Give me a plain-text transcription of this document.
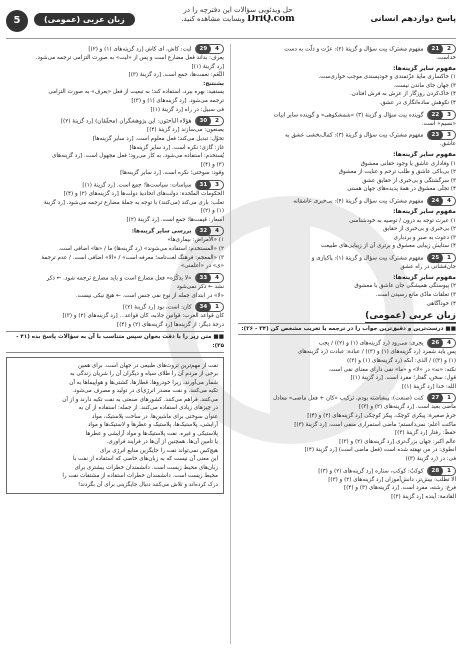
5	زبان عربی (عمومی)
حل ویدئویی سؤالات این دفترچه را در
DriQ.com وبسایت مشاهده کنید.	پاسخ دوازدهم انسانی
21	2
مفهوم مشترک بیت سؤال و گزینهٔ (۲): عزّت و ذلّت به دست
خداست.
مفهوم سایر گزینه‌ها:
۱) خاکساری مایهٔ عزّتمندی و خودپسندی موجب خواری‌ست.
۳) جهان جای ماندن نیست.
۴) خاک‌کردن روزگار از عرش به فرش افتادن.
۴) نکوهش ساده‌انگاری در عشق.
22	3
گوینده بیت سؤال و گزینهٔ (۳) «شمشکوهی» و گوینده سایر ابیات
«نسیم» است.
23	3
مفهوم مشترک بیت سؤال و گزینهٔ (۳): کمال‌بخشی عشق به
عاشق.
مفهوم سایر گزینه‌ها:
۱) وفاداری عاشق یا وجود حقانی معشوق
۲) بی‌باکی عاشق و طلب ترحم و عنایت از معشوق
۳) سرگشتگی و بی‌خبری از حقایق عشق
۴) تجلّی معشوق در همهٔ پدیده‌های جهان هستی
24	4
مفهوم مشترک بیت سؤال و گزینهٔ (۴): بی‌خبری عاشقانه
مفهوم سایر گزینه‌ها:
۱) عبرت توجه به درون / توصیه به خودشناسی
۲) بی‌خبری و بی‌خبری از حقایق
۳) دعوت به صبر و بردباری
۴) ستایش زیبایی معشوق و برتری آن از زیبایی‌های طبیعت
25	1
مفهوم مشترک بیت سؤال و گزینهٔ (۱): پاکبازی و
جان‌فشانی در راه عشق
مفهوم سایر گزینه‌ها:
۲) پیوستگی همیشگی جان عاشق با معشوق
۳) تعلقات مادّی مانع رسیدن است.
۴) خودآگاهی
زبان عربی (عمومی)
■■ درست‌ترین و دقیق‌ترین جواب را در ترجمه یا تعریب مشخص کن (۳۴ - ۲۶):
26	4
یجری: می‌رود (رد گزینه‌های (۱) و (۲)) / یجب
پس باید شمرد (رد گزینه‌های (۱) و (۳)) / عبادة: عبادت (رد گزینه‌های
(۱) و (۳)) / الذی: آنکه (رد گزینه‌های (۱) و (۳))
نکته: «نه» در «لا» و «ما» نفی دارای معنای نفی است.
قول: سخن، گفتار؛ مفرد است. [رد گزینهٔ (۱)]
الله: خدا [رد گزینهٔ (۱)]
27	1
کنت (صنعت): پیشاشته بودم، ترکیب «کان + فعل ماضی» معادل
ماضی بعید است. [رد گزینه‌های (۲) و (۳)]
جرمٔ صغیرهٔ: پیکری کوچک، پیکر کوچکی [رد گزینه‌های (۲) و (۴)]
ماکنت أعلم: نمی‌دانستم؛ ماضی استمراری منفی است. [رد گزینهٔ (۳)]
حفظٌ: رفتار [رد گزینهٔ (۳)]
عالم أکبر: جهان بزرگ‌تری [رد گزینه‌های (۲) و (۳)]
انطوی: در من نهفته شده است (فعل ماضی است) [رد گزینهٔ (۴)]
فی: در (رد گزینهٔ (۳))
28	1
کوکبٌ: کوکب، ستاره [رد گزینه‌های (۲) و (۳)]
ألا تطلب: بیش‌تر، دانش‌آموزان [رد گزینه‌های (۲) و (۳)]
فرغ: رشته، مفرد است. [رد گزینه‌های (۳) و (۴)]
القادمة: آینده [رد گزینهٔ (۳)]
29	4
لیت: کاش، ای کاش [رد گزینه‌های (۱) و (۲)]
یعرف: بداند فعل مضارع است و پس از «لیت» به صورت التزامی ترجمه می‌شود.
[رد گزینهٔ (۱)]
النِّعَم: نعمت‌ها، جمع است. [رد گزینهٔ (۳)]
بشنتنج:
یستفيد: بهره ببرد، استفاده کند؛ به تبعیت از فعل «یعرف» به صورت التزامی
ترجمه می‌شود. [رد گزینه‌های (۱) و (۳)]
فی سبیل: در راه [رد گزینهٔ (۱)]
30	2
هؤلاء الباحثون: این پژوهشگران (محقّقان) [رد گزینهٔ (۲)]
یصنعون: می‌سازند [رد گزینهٔ (۴)]
تحوّل: تبدیل می‌کند؛ فعل معلوم است. [رد سایر گزینه‌ها]
غاز: گازی؛ نکره است. [رد سایر گزینه‌ها]
یُستخدم: استفاده می‌شود، به کار می‌رود؛ فعل مجهول است. [رد گزینه‌های
(۳) و (۴)]
وقود: سوختی؛ نکره است. [رد سایر گزینه‌ها]
31	3
سیاسات: سیاست‌ها؛ جمع است. [رد گزینهٔ (۱)]
الحکومات المتّحدة: دولت‌های اتحادیهٔ دولت‌ها [رد گزینه‌های (۲) و (۴)]
تعلّب: باری می‌کند (می‌کنند) با توجه به جملهٔ مضارع ترجمه می‌شود. [رد گزینهٔ
(۱) و (۲)]
أسعار: قیمت‌ها؛ جمع است. [رد گزینهٔ (۲)]
32	4
بررسی سایر گزینه‌ها:
۱) «الأمراض: بیماری‌ها»
۲) «المستخدم: استفاده می‌شوند» (رد گزینه‌ها) ما / «ها» اضافی است.
۳) «المعجم: فرهنگ لغت‌نامه؛ معرفه است» / «الا» اضافی است. / عدم ترجمهٔ
«ی» در «أعلمنی»
33	4
«لا یذکُرُه» فعل مضارع است و باید مضارع ترجمه شود. ← ذکر
نشد ← ذکر نمی‌شود
«لا» در ابتدای جمله از نوع نفی جنس است. ← هیچ نیکی نیست.
34	1
کان: است، بود [رد گزینهٔ (۲)]
کان قواعد الغرب: قوانین جاذبه، کان قواعد... [رد گزینه‌های (۲) و (۳)]
درجهٔ دیگر: از گزینه‌ها [رد گزینه‌های (۲) و (۴)]
■■ متن زیر را با دقت بخوان سپس متناسب با آن به سؤالات پاسخ بده (۴۱ - ۳۵):
نفت از مهم‌ترین ثروت‌های طبیعی در جهان است. برای همین
برخی از مردم آن را طلای سیاه و دیگران آن را شریان زندگی به
شمار می‌آورند، زیرا خودروها، قطارها، کشتی‌ها و هواپیماها به آن
تکیه می‌کنند. و نفت مصدر انرژی‌ای در تولید و مصرف می‌شود.
می‌کنند. فراهم می‌کنند. کشورهای صنعتی به نفت تکیه دارند و از آن
در چیزهای زیادی استفاده می‌کنند. از جمله: استفاده از آن به
عنوان سوختی برای ماشین‌ها. در ساخت پلاستیک، مواد
آرایشی، پلاستیک‌ها، پلاستیک و عطرها و لاستیک‌ها و مواد
پلاستیکی و غیره. نفت پلاستیک‌ها و مواد آرایشی و عطرها
یا تأمین آن‌ها. همچنین از آن‌ها در فرایند فراوری.
هیچ‌کس نمی‌تواند نفت را جایگزین منابع انرژی برای
این معنی آن نیست که به زبان‌های خاصی که استفاده از نفت با
زبان‌های محیط زیست است. دانشمندان خطرات بیشتری برای
محیط زیست است. دانشمندان خطرات استفاده از مشتقات نفت را
درک کرده‌اند و تلاش می‌کنند دنبال جایگزینی برای آن بگردند!
